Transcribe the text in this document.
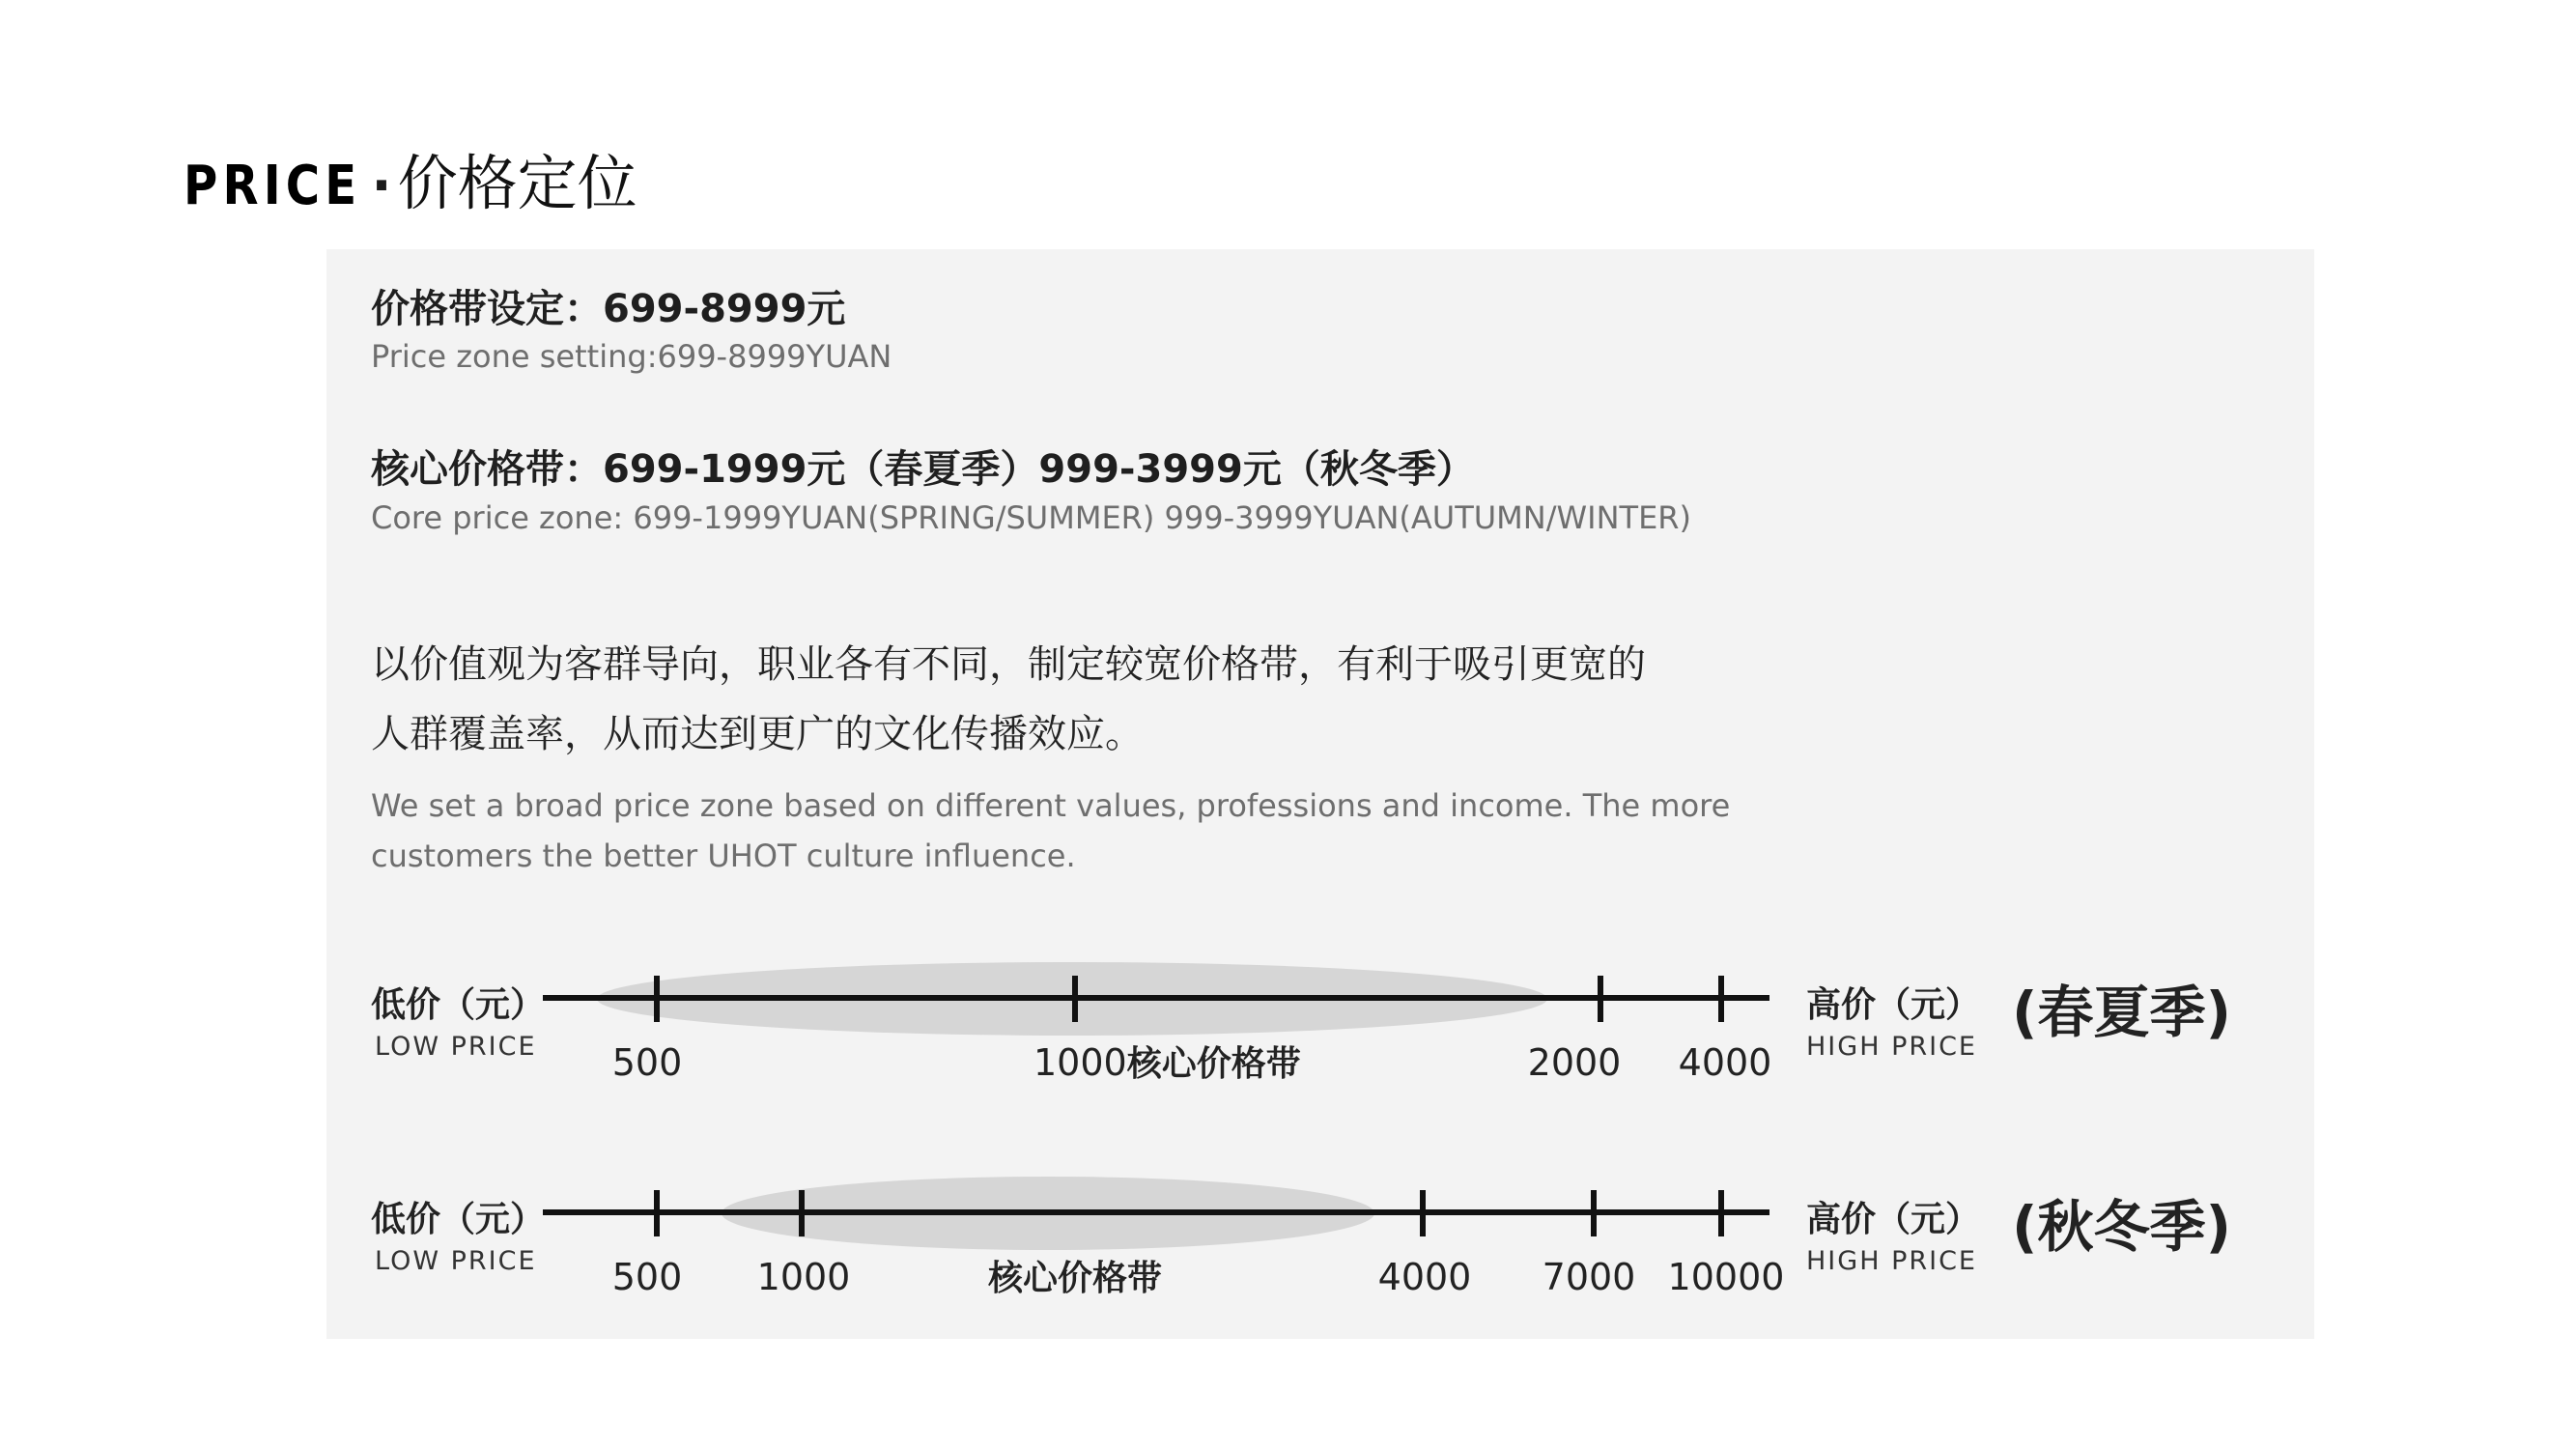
PRICE · 价格定位
价格带设定：699-8999元
Price zone setting:699-8999YUAN
核心价格带：699-1999元（春夏季）999-3999元（秋冬季）
Core price zone: 699-1999YUAN(SPRING/SUMMER) 999-3999YUAN(AUTUMN/WINTER)
以价值观为客群导向，职业各有不同，制定较宽价格带，有利于吸引更宽的
人群覆盖率，从而达到更广的文化传播效应。
We set a broad price zone based on different values, professions and income. The more
customers the better UHOT culture influence.
低价（元）
LOW PRICE
高价（元）
HIGH PRICE
(春夏季)
低价（元）
LOW PRICE
高价（元）
HIGH PRICE
(秋冬季)
500	1000核心价格带	2000 4000
500 1000	核心价格带	4000 7000 10000
